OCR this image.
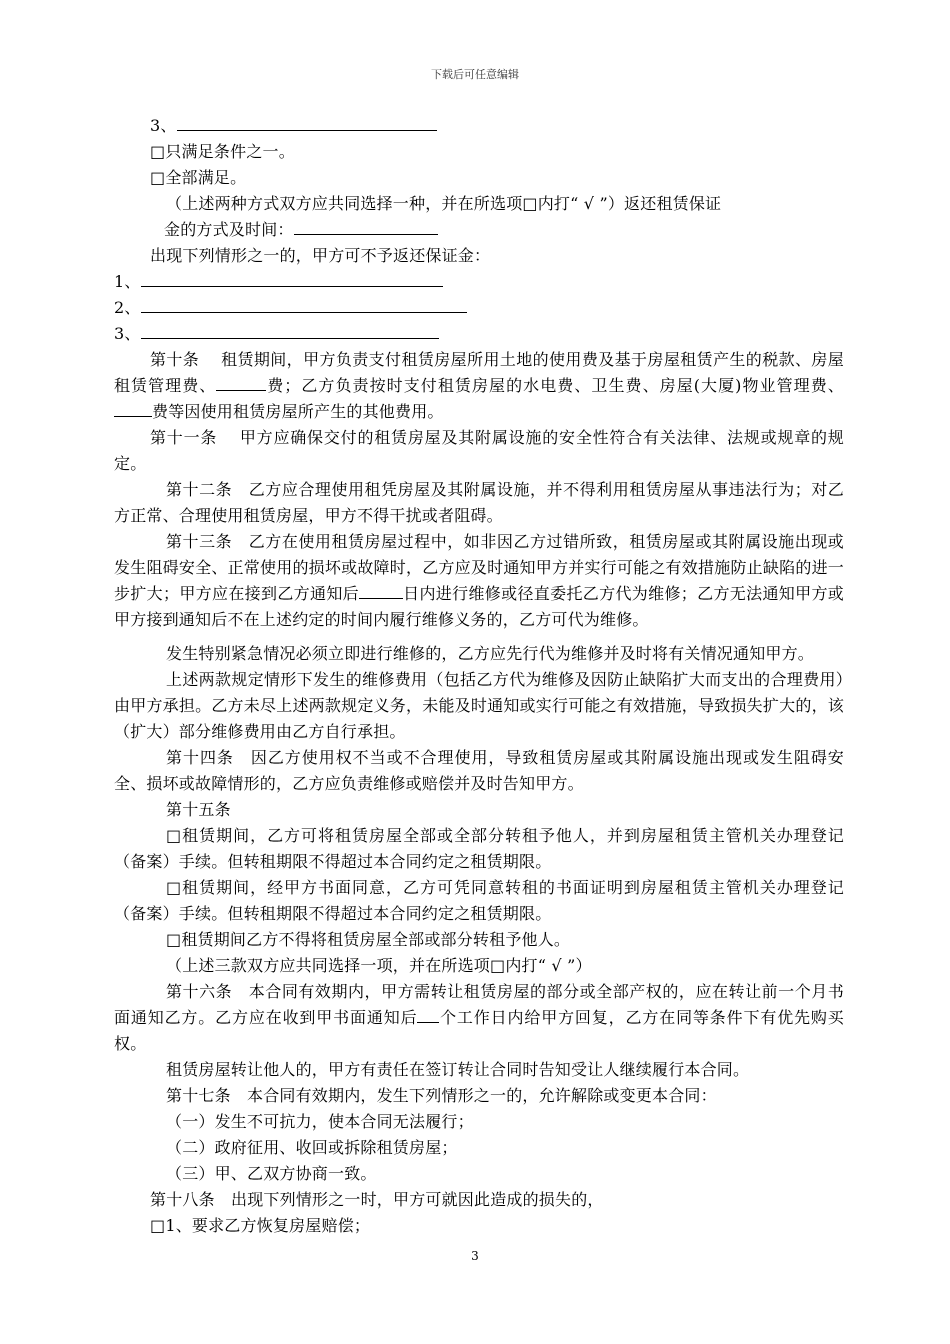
下载后可任意编辑

3、

□只满足条件之一。

□全部满足。

（上述两种方式双方应共同选择一种，并在所选项□内打“ √ ”）返还租赁保证

金的方式及时间：

出现下列情形之一的，甲方可不予返还保证金：

1、

2、

3、

第十条　 租赁期间，甲方负责支付租赁房屋所用土地的使用费及基于房屋租赁产生的税款、房屋租赁管理费、	费；乙方负责按时支付租赁房屋的水电费、卫生费、房屋(大厦)物业管理费、费等因使用租赁房屋所产生的其他费用。

第十一条　 甲方应确保交付的租赁房屋及其附属设施的安全性符合有关法律、法规或规章的规定。

第十二条　乙方应合理使用租凭房屋及其附属设施，并不得利用租赁房屋从事违法行为；对乙方正常、合理使用租赁房屋，甲方不得干扰或者阻碍。

第十三条　乙方在使用租赁房屋过程中，如非因乙方过错所致，租赁房屋或其附属设施出现或发生阻碍安全、正常使用的损坏或故障时，乙方应及时通知甲方并实行可能之有效措施防止缺陷的进一步扩大；甲方应在接到乙方通知后	日内进行维修或径直委托乙方代为维修；乙方无法通知甲方或甲方接到通知后不在上述约定的时间内履行维修义务的，乙方可代为维修。

发生特别紧急情况必须立即进行维修的，乙方应先行代为维修并及时将有关情况通知甲方。

上述两款规定情形下发生的维修费用（包括乙方代为维修及因防止缺陷扩大而支出的合理费用）由甲方承担。乙方未尽上述两款规定义务，未能及时通知或实行可能之有效措施，导致损失扩大的，该（扩大）部分维修费用由乙方自行承担。

第十四条　因乙方使用权不当或不合理使用，导致租赁房屋或其附属设施出现或发生阻碍安全、损坏或故障情形的，乙方应负责维修或赔偿并及时告知甲方。

第十五条

□租赁期间，乙方可将租赁房屋全部或全部分转租予他人，并到房屋租赁主管机关办理登记（备案）手续。但转租期限不得超过本合同约定之租赁期限。

□租赁期间，经甲方书面同意，乙方可凭同意转租的书面证明到房屋租赁主管机关办理登记（备案）手续。但转租期限不得超过本合同约定之租赁期限。

□租赁期间乙方不得将租赁房屋全部或部分转租予他人。

（上述三款双方应共同选择一项，并在所选项□内打“ √ ”）

第十六条　本合同有效期内，甲方需转让租赁房屋的部分或全部产权的，应在转让前一个月书面通知乙方。乙方应在收到甲书面通知后 个工作日内给甲方回复，乙方在同等条件下有优先购买权。

租赁房屋转让他人的，甲方有责任在签订转让合同时告知受让人继续履行本合同。

第十七条　本合同有效期内，发生下列情形之一的，允许解除或变更本合同：

（一）发生不可抗力，使本合同无法履行；

（二）政府征用、收回或拆除租赁房屋；

（三）甲、乙双方协商一致。

第十八条　出现下列情形之一时，甲方可就因此造成的损失的，

□1、要求乙方恢复房屋赔偿；

3
